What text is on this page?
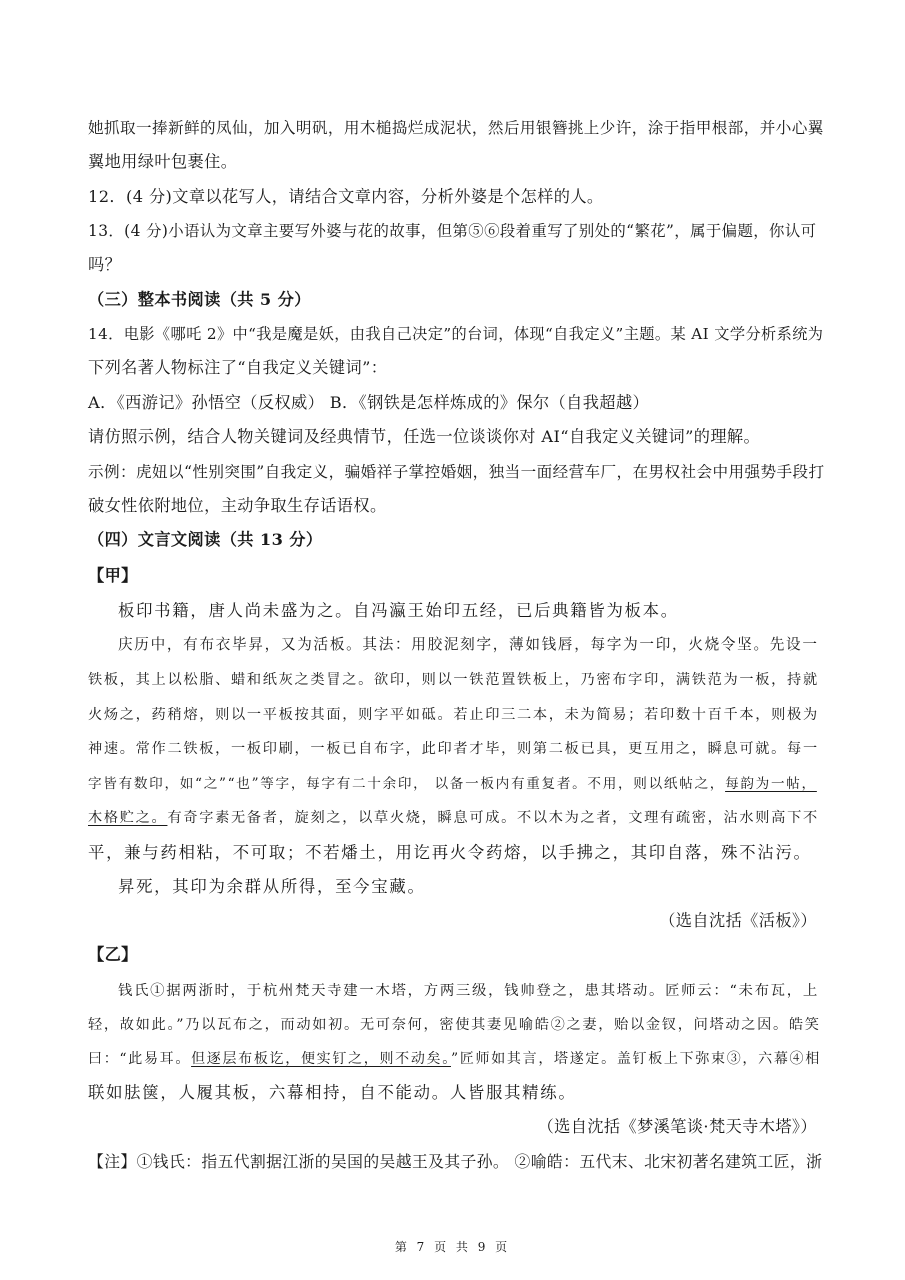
她抓取一捧新鲜的凤仙，加入明矾，用木槌捣烂成泥状，然后用银簪挑上少许，涂于指甲根部，并小心翼
翼地用绿叶包裹住。
12．(4 分)文章以花写人，请结合文章内容，分析外婆是个怎样的人。
13．(4 分)小语认为文章主要写外婆与花的故事，但第⑤⑥段着重写了别处的“繁花”，属于偏题，你认可
吗？
（三）整本书阅读（共 5 分）
14．电影《哪吒 2》中“我是魔是妖，由我自己决定”的台词，体现“自我定义”主题。某 AI 文学分析系统为
下列名著人物标注了“自我定义关键词”：
A．《西游记》孙悟空（反权威） B．《钢铁是怎样炼成的》保尔（自我超越）
请仿照示例，结合人物关键词及经典情节，任选一位谈谈你对 AI“自我定义关键词”的理解。
示例：虎妞以“性别突围”自我定义，骗婚祥子掌控婚姻，独当一面经营车厂，在男权社会中用强势手段打
破女性依附地位，主动争取生存话语权。
（四）文言文阅读（共 13 分）
【甲】
板印书籍，唐人尚未盛为之。自冯瀛王始印五经，已后典籍皆为板本。
庆历中，有布衣毕昇，又为活板。其法：用胶泥刻字，薄如钱唇，每字为一印，火烧令坚。先设一
铁板，其上以松脂、蜡和纸灰之类冒之。欲印，则以一铁范置铁板上，乃密布字印，满铁范为一板，持就
火炀之，药稍熔，则以一平板按其面，则字平如砥。若止印三二本，未为简易；若印数十百千本，则极为
神速。常作二铁板，一板印刷，一板已自布字，此印者才毕，则第二板已具，更互用之，瞬息可就。每一
字皆有数印，如“之”“也”等字，每字有二十余印， 以备一板内有重复者。不用，则以纸帖之，每韵为一帖，
木格贮之。有奇字素无备者，旋刻之，以草火烧，瞬息可成。不以木为之者，文理有疏密，沾水则高下不
平，兼与药相粘，不可取；不若燔土，用讫再火令药熔，以手拂之，其印自落，殊不沾污。
昇死，其印为余群从所得，至今宝藏。
（选自沈括《活板》）
【乙】
钱氏①据两浙时，于杭州梵天寺建一木塔，方两三级，钱帅登之，患其塔动。匠师云：“未布瓦，上
轻，故如此。”乃以瓦布之，而动如初。无可奈何，密使其妻见喻皓②之妻，贻以金钗，问塔动之因。皓笑
曰：“此易耳。但逐层布板讫，便实钉之，则不动矣。”匠师如其言，塔遂定。盖钉板上下弥束③，六幕④相
联如胠箧，人履其板，六幕相持，自不能动。人皆服其精练。
（选自沈括《梦溪笔谈·梵天寺木塔》）
【注】①钱氏：指五代割据江浙的吴国的吴越王及其子孙。 ②喻皓：五代末、北宋初著名建筑工匠，浙
第 7 页 共 9 页
